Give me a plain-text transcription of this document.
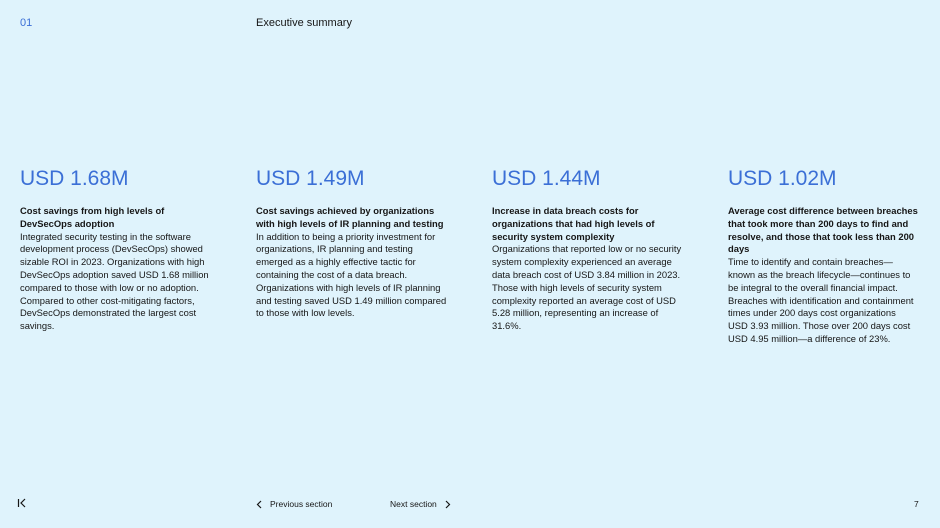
01	Executive summary
USD 1.68M
Cost savings from high levels of DevSecOps adoption
Integrated security testing in the software development process (DevSecOps) showed sizable ROI in 2023. Organizations with high DevSecOps adoption saved USD 1.68 million compared to those with low or no adoption. Compared to other cost-mitigating factors, DevSecOps demonstrated the largest cost savings.
USD 1.49M
Cost savings achieved by organizations with high levels of IR planning and testing
In addition to being a priority investment for organizations, IR planning and testing emerged as a highly effective tactic for containing the cost of a data breach. Organizations with high levels of IR planning and testing saved USD 1.49 million compared to those with low levels.
USD 1.44M
Increase in data breach costs for organizations that had high levels of security system complexity
Organizations that reported low or no security system complexity experienced an average data breach cost of USD 3.84 million in 2023. Those with high levels of security system complexity reported an average cost of USD 5.28 million, representing an increase of 31.6%.
USD 1.02M
Average cost difference between breaches that took more than 200 days to find and resolve, and those that took less than 200 days
Time to identify and contain breaches—known as the breach lifecycle—continues to be integral to the overall financial impact. Breaches with identification and containment times under 200 days cost organizations USD 3.93 million. Those over 200 days cost USD 4.95 million—a difference of 23%.
Previous section	Next section	7
